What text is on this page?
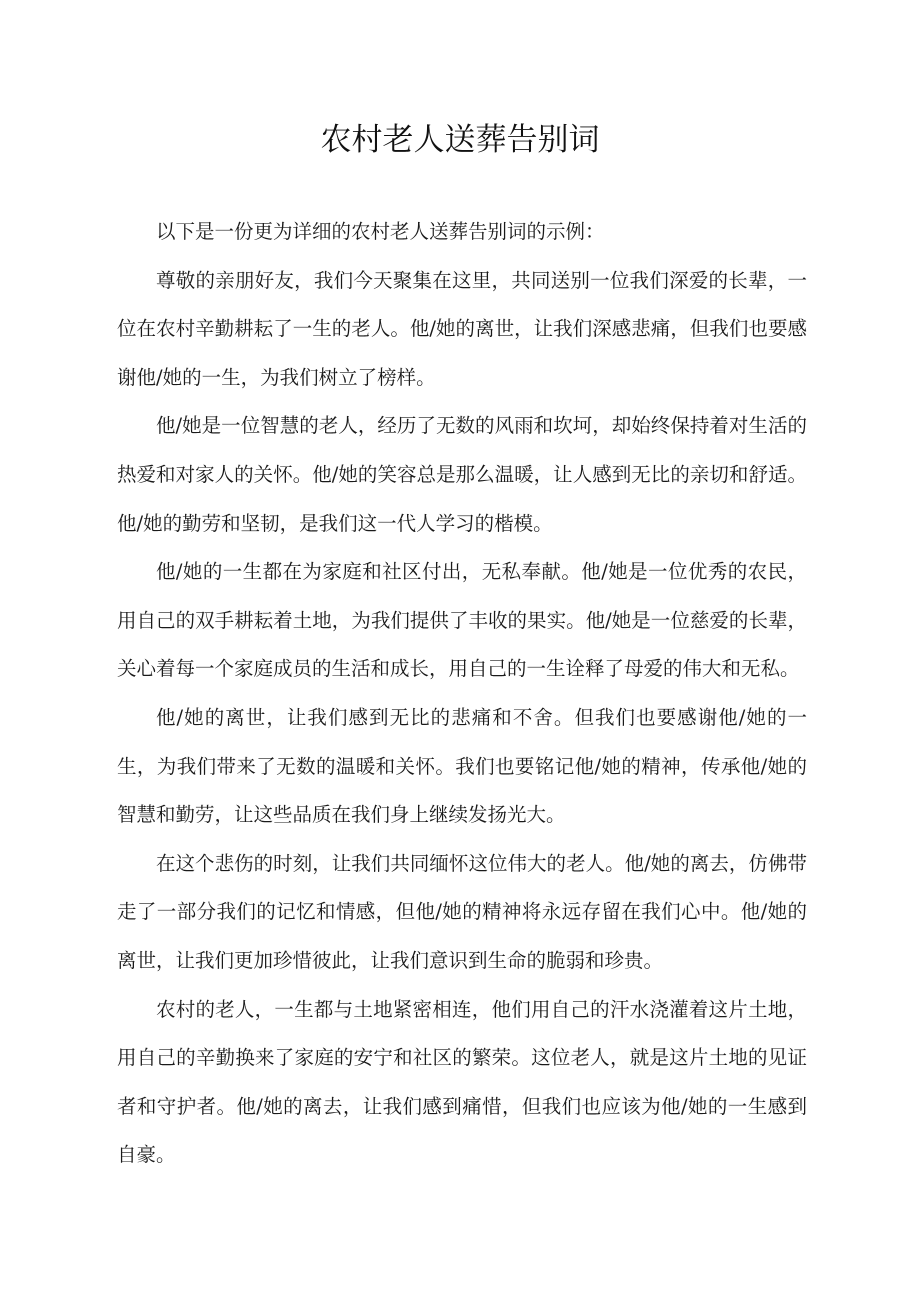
农村老人送葬告别词

以下是一份更为详细的农村老人送葬告别词的示例：

尊敬的亲朋好友，我们今天聚集在这里，共同送别一位我们深爱的长辈，一位在农村辛勤耕耘了一生的老人。他/她的离世，让我们深感悲痛，但我们也要感谢他/她的一生，为我们树立了榜样。

他/她是一位智慧的老人，经历了无数的风雨和坎坷，却始终保持着对生活的热爱和对家人的关怀。他/她的笑容总是那么温暖，让人感到无比的亲切和舒适。他/她的勤劳和坚韧，是我们这一代人学习的楷模。

他/她的一生都在为家庭和社区付出，无私奉献。他/她是一位优秀的农民，用自己的双手耕耘着土地，为我们提供了丰收的果实。他/她是一位慈爱的长辈，关心着每一个家庭成员的生活和成长，用自己的一生诠释了母爱的伟大和无私。

他/她的离世，让我们感到无比的悲痛和不舍。但我们也要感谢他/她的一生，为我们带来了无数的温暖和关怀。我们也要铭记他/她的精神，传承他/她的智慧和勤劳，让这些品质在我们身上继续发扬光大。

在这个悲伤的时刻，让我们共同缅怀这位伟大的老人。他/她的离去，仿佛带走了一部分我们的记忆和情感，但他/她的精神将永远存留在我们心中。他/她的离世，让我们更加珍惜彼此，让我们意识到生命的脆弱和珍贵。

农村的老人，一生都与土地紧密相连，他们用自己的汗水浇灌着这片土地，用自己的辛勤换来了家庭的安宁和社区的繁荣。这位老人，就是这片土地的见证者和守护者。他/她的离去，让我们感到痛惜，但我们也应该为他/她的一生感到自豪。
